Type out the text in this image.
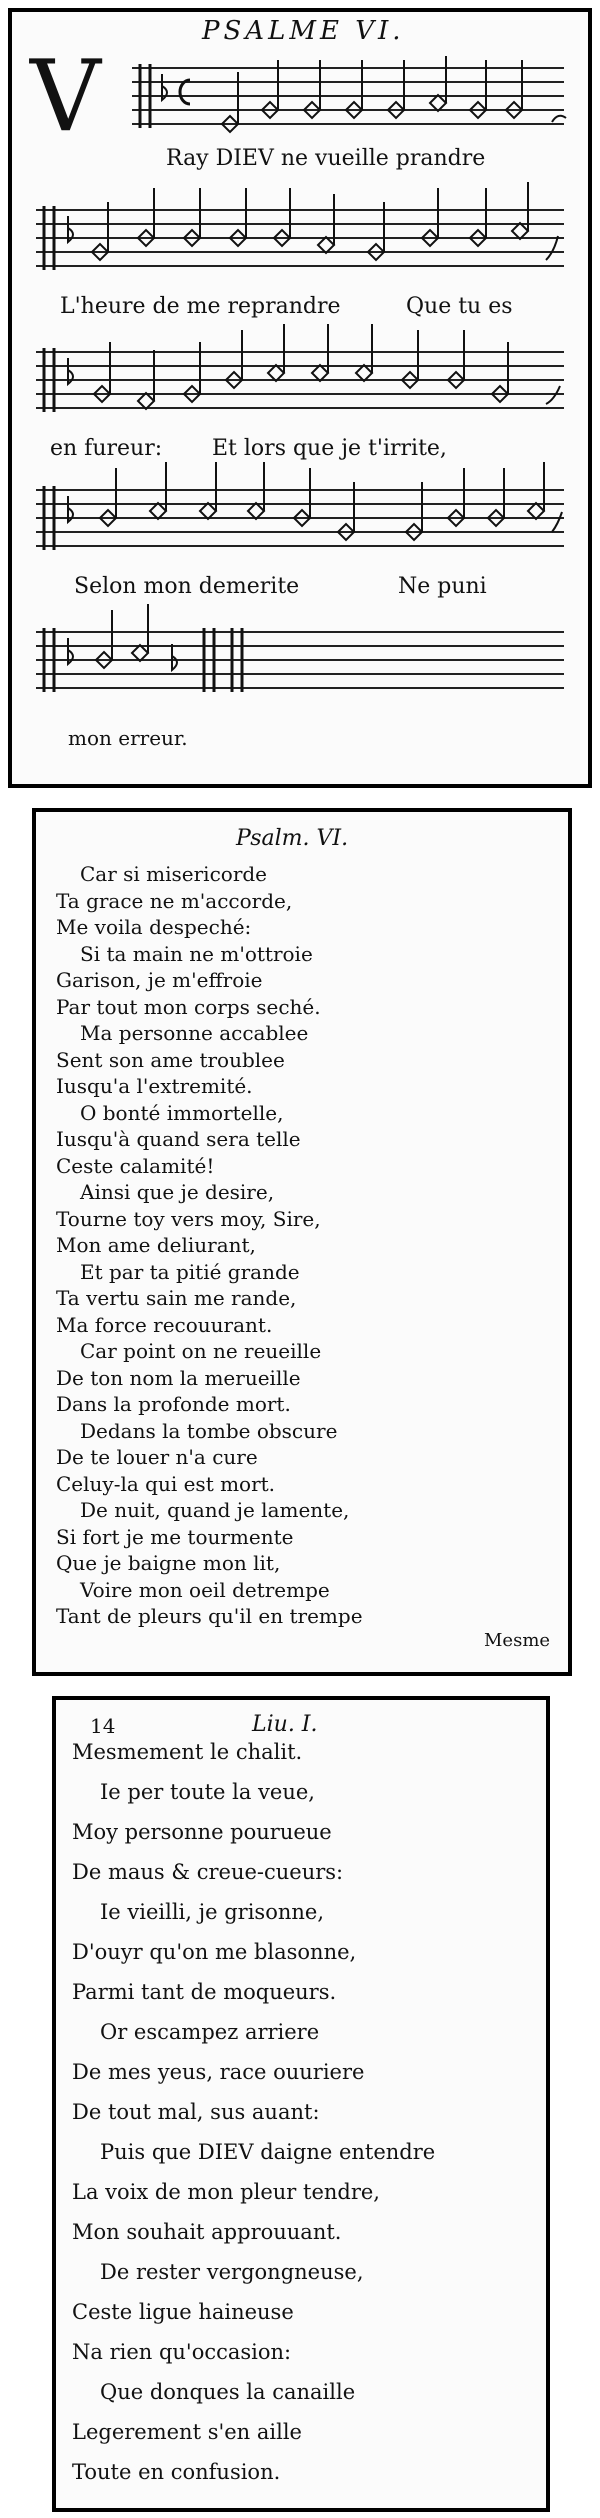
PSALME VI.
V
Ray DIEV ne vueille prandre
L'heure de me reprandre	Que tu es
en fureur: Et lors que je t'irrite,
Selon mon demerite	Ne puni
mon erreur.
Psalm. VI.
Car si misericorde
Ta grace ne m'accorde,
Me voila despeché:
Si ta main ne m'ottroie
Garison, je m'effroie
Par tout mon corps seché.
Ma personne accablee
Sent son ame troublee
Iusqu'a l'extremité.
O bonté immortelle,
Iusqu'à quand sera telle
Ceste calamité!
Ainsi que je desire,
Tourne toy vers moy, Sire,
Mon ame deliurant,
Et par ta pitié grande
Ta vertu sain me rande,
Ma force recouurant.
Car point on ne reueille
De ton nom la merueille
Dans la profonde mort.
Dedans la tombe obscure
De te louer n'a cure
Celuy-la qui est mort.
De nuit, quand je lamente,
Si fort je me tourmente
Que je baigne mon lit,
Voire mon oeil detrempe
Tant de pleurs qu'il en trempe
Mesme
14	Liu. I.
Mesmement le chalit.
Ie per toute la veue,
Moy personne pourueue
De maus & creue-cueurs:
Ie vieilli, je grisonne,
D'ouyr qu'on me blasonne,
Parmi tant de moqueurs.
Or escampez arriere
De mes yeus, race ouuriere
De tout mal, sus auant:
Puis que DIEV daigne entendre
La voix de mon pleur tendre,
Mon souhait approuuant.
De rester vergongneuse,
Ceste ligue haineuse
Na rien qu'occasion:
Que donques la canaille
Legerement s'en aille
Toute en confusion.
